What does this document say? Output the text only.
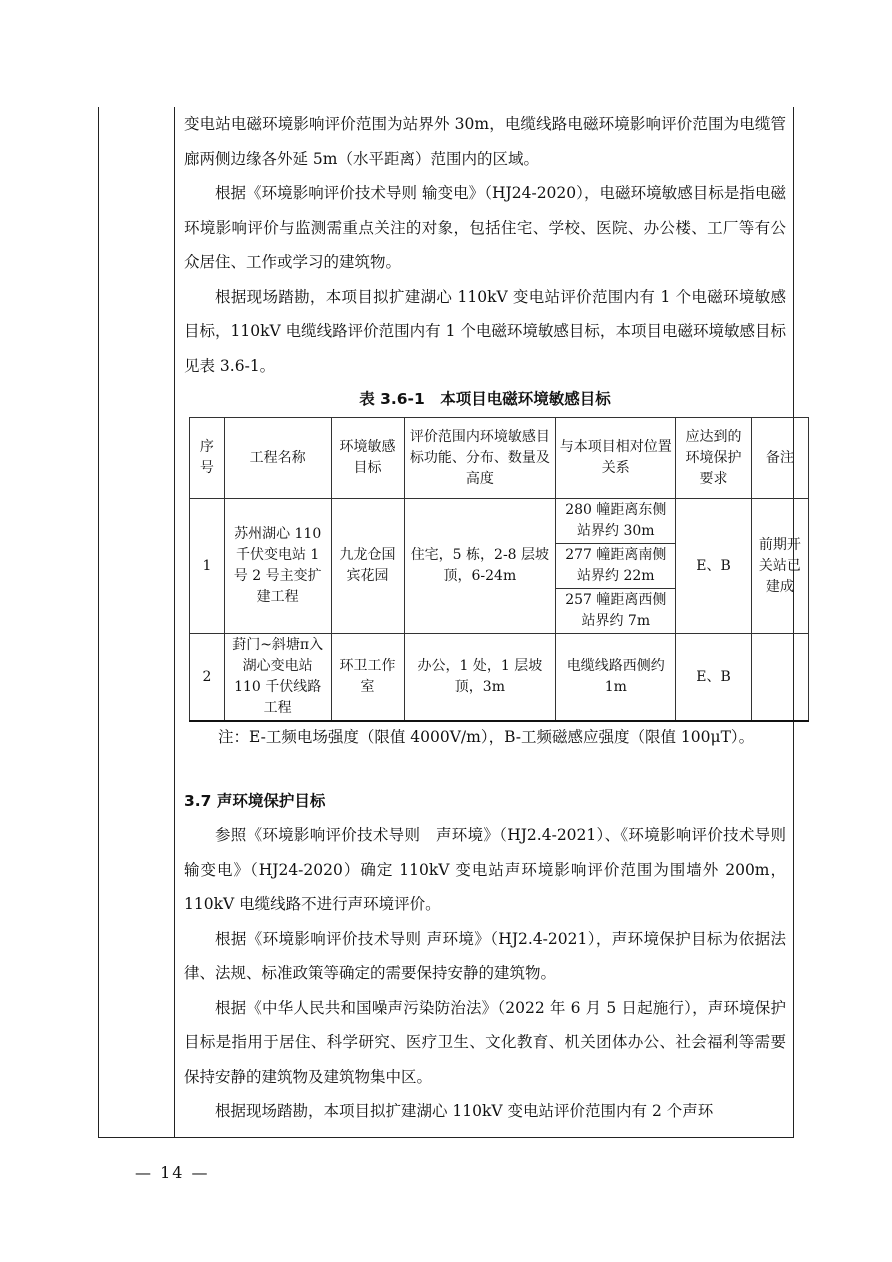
变电站电磁环境影响评价范围为站界外 30m，电缆线路电磁环境影响评价范围为电缆管廊两侧边缘各外延 5m（水平距离）范围内的区域。

根据《环境影响评价技术导则 输变电》（HJ24-2020），电磁环境敏感目标是指电磁环境影响评价与监测需重点关注的对象，包括住宅、学校、医院、办公楼、工厂等有公众居住、工作或学习的建筑物。

根据现场踏勘，本项目拟扩建湖心 110kV 变电站评价范围内有 1 个电磁环境敏感目标，110kV 电缆线路评价范围内有 1 个电磁环境敏感目标，本项目电磁环境敏感目标见表 3.6-1。

表 3.6-1　本项目电磁环境敏感目标
序号	工程名称	环境敏感目标	评价范围内环境敏感目标功能、分布、数量及高度	与本项目相对位置关系	应达到的环境保护要求	备注
1	苏州湖心 110 千伏变电站 1 号 2 号主变扩建工程	九龙仓国宾花园	住宅，5 栋，2-8 层坡顶，6-24m	280 幢距离东侧站界约 30m	E、B	前期开关站已建成
				277 幢距离南侧站界约 22m		
				257 幢距离西侧站界约 7m		
2	葑门~斜塘π入湖心变电站 110 千伏线路工程	环卫工作室	办公，1 处，1 层坡顶，3m	电缆线路西侧约 1m	E、B	
注：E-工频电场强度（限值 4000V/m），B-工频磁感应强度（限值 100μT）。
3.7 声环境保护目标

参照《环境影响评价技术导则　声环境》（HJ2.4-2021）、《环境影响评价技术导则　输变电》（HJ24-2020）确定 110kV 变电站声环境影响评价范围为围墙外 200m，110kV 电缆线路不进行声环境评价。

根据《环境影响评价技术导则 声环境》（HJ2.4-2021），声环境保护目标为依据法律、法规、标准政策等确定的需要保持安静的建筑物。

根据《中华人民共和国噪声污染防治法》（2022 年 6 月 5 日起施行），声环境保护目标是指用于居住、科学研究、医疗卫生、文化教育、机关团体办公、社会福利等需要保持安静的建筑物及建筑物集中区。

根据现场踏勘，本项目拟扩建湖心 110kV 变电站评价范围内有 2 个声环

— 14 —
